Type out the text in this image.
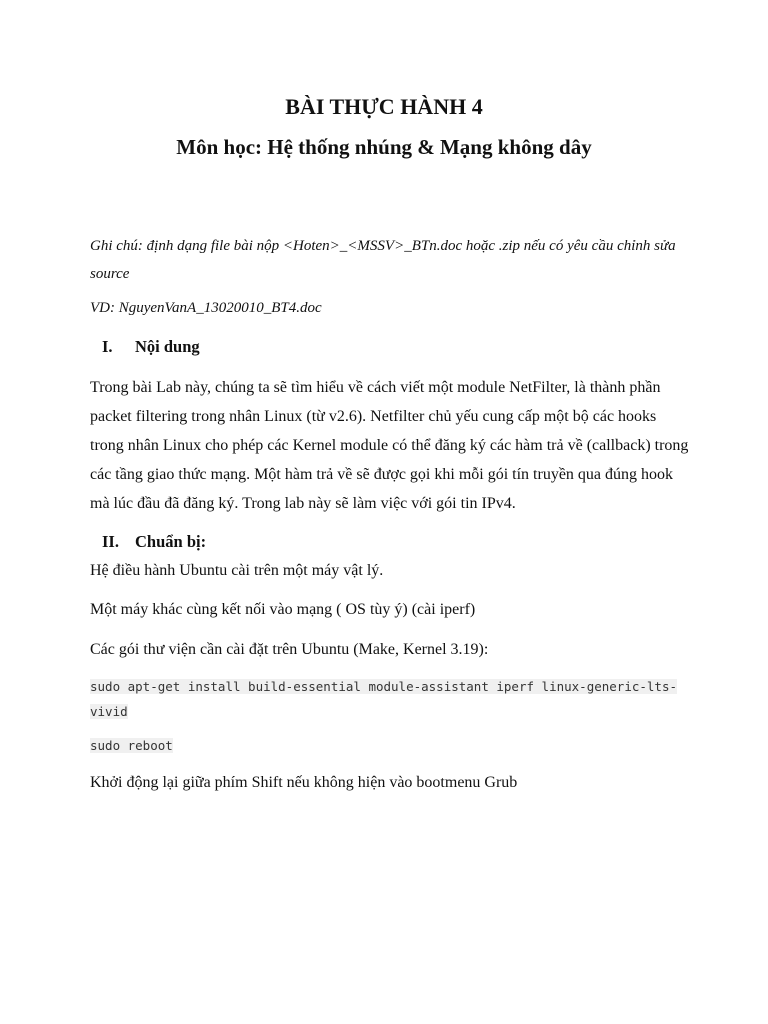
BÀI THỰC HÀNH 4
Môn học: Hệ thống nhúng & Mạng không dây
Ghi chú: định dạng file bài nộp <Hoten>_<MSSV>_BTn.doc hoặc .zip nếu có yêu cầu chỉnh sửa source
VD: NguyenVanA_13020010_BT4.doc
I. Nội dung

Trong bài Lab này, chúng ta sẽ tìm hiểu về cách viết một module NetFilter, là thành phần packet filtering trong nhân Linux (từ v2.6). Netfilter chủ yếu cung cấp một bộ các hooks trong nhân Linux cho phép các Kernel module có thể đăng ký các hàm trả về (callback) trong các tầng giao thức mạng. Một hàm trả về sẽ được gọi khi mỗi gói tín truyền qua đúng hook mà lúc đầu đã đăng ký. Trong lab này sẽ làm việc với gói tin IPv4.

II. Chuẩn bị:
Hệ điều hành Ubuntu cài trên một máy vật lý.
Một máy khác cùng kết nối vào mạng ( OS tùy ý) (cài iperf)
Các gói thư viện cần cài đặt trên Ubuntu (Make, Kernel 3.19):
sudo apt-get install build-essential module-assistant iperf linux-generic-lts-vivid
sudo reboot
Khởi động lại giữa phím Shift nếu không hiện vào bootmenu Grub
